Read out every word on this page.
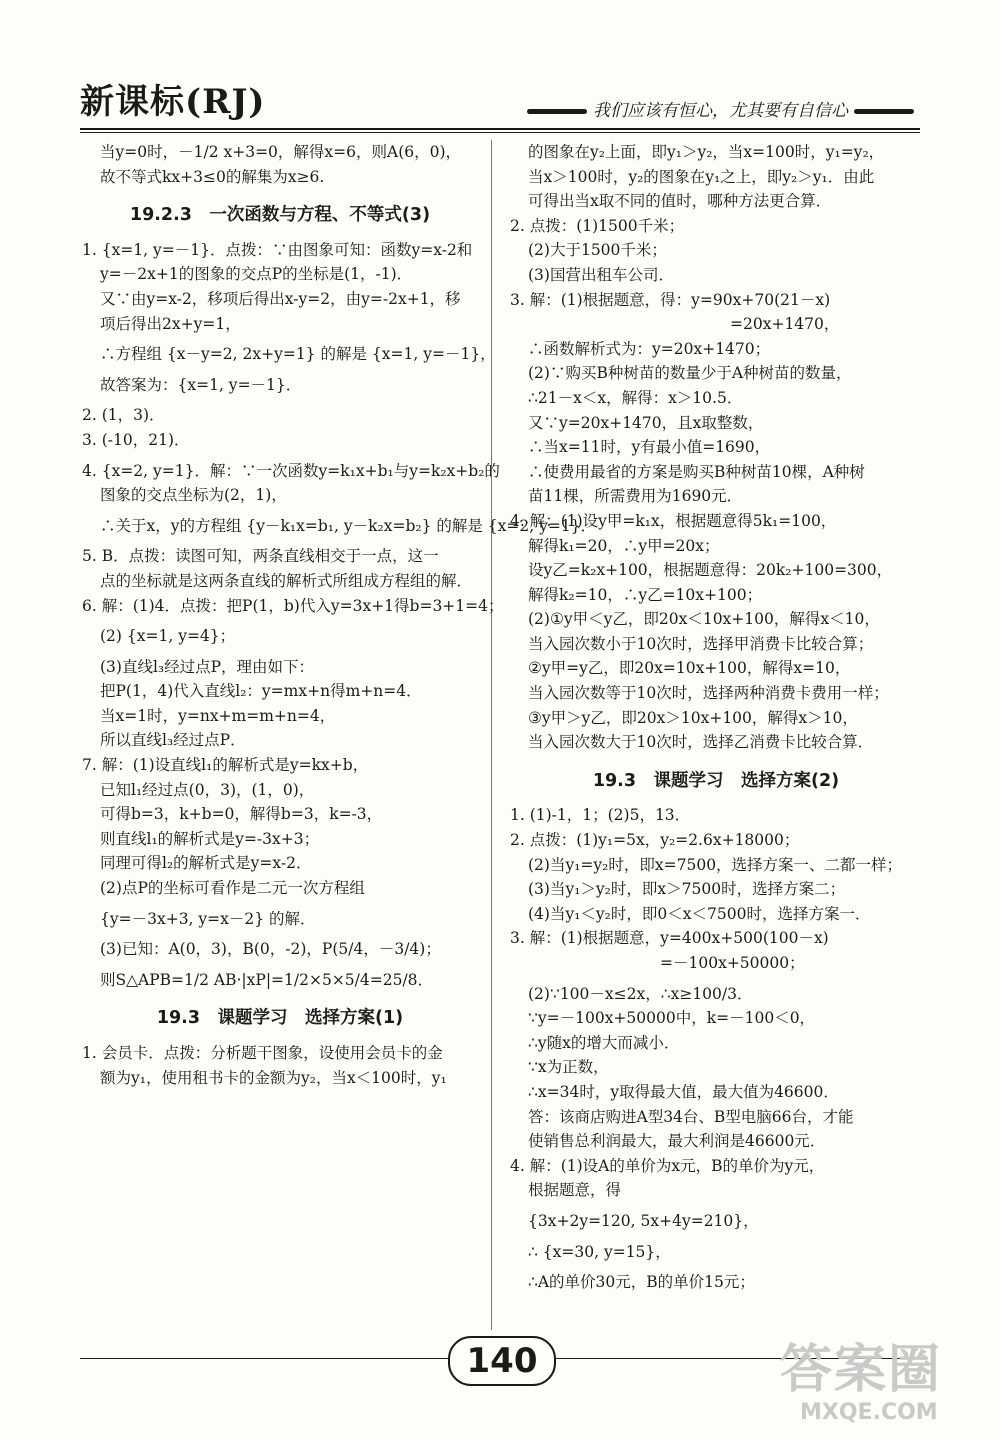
新课标(RJ)	我们应该有恒心，尤其要有自信心

当y=0时，－1/2 x+3=0，解得x=6，则A(6，0)，

故不等式kx+3≤0的解集为x≥6.

19.2.3　一次函数与方程、不等式(3)

1. {x=1, y=－1}．点拨：∵由图象可知：函数y=x-2和

y=－2x+1的图象的交点P的坐标是(1，-1)．

又∵由y=x-2，移项后得出x-y=2，由y=-2x+1，移

项后得出2x+y=1，

∴方程组 {x－y=2, 2x+y=1} 的解是 {x=1, y=－1}，

故答案为：{x=1, y=－1}．

2. (1，3)．

3. (-10，21)．

4. {x=2, y=1}．解：∵一次函数y=k₁x+b₁与y=k₂x+b₂的

图象的交点坐标为(2，1)，

∴关于x，y的方程组 {y－k₁x=b₁, y－k₂x=b₂} 的解是 {x=2, y=1}．

5. B．点拨：读图可知，两条直线相交于一点，这一

点的坐标就是这两条直线的解析式所组成方程组的解．

6. 解：(1)4．点拨：把P(1，b)代入y=3x+1得b=3+1=4；

(2) {x=1, y=4}；

(3)直线l₃经过点P，理由如下：

把P(1，4)代入直线l₂：y=mx+n得m+n=4．

当x=1时，y=nx+m=m+n=4，

所以直线l₃经过点P．

7. 解：(1)设直线l₁的解析式是y=kx+b，

已知l₁经过点(0，3)，(1，0)，

可得b=3，k+b=0，解得b=3，k=-3，

则直线l₁的解析式是y=-3x+3；

同理可得l₂的解析式是y=x-2．

(2)点P的坐标可看作是二元一次方程组

{y=－3x+3, y=x－2} 的解．

(3)已知：A(0，3)，B(0，-2)，P(5/4，－3/4)；

则S△APB=1/2 AB·|xP|=1/2×5×5/4=25/8．

19.3　课题学习　选择方案(1)

1. 会员卡．点拨：分析题干图象，设使用会员卡的金

额为y₁，使用租书卡的金额为y₂，当x＜100时，y₁

的图象在y₂上面，即y₁＞y₂，当x=100时，y₁=y₂，

当x＞100时，y₂的图象在y₁之上，即y₂＞y₁．由此

可得出当x取不同的值时，哪种方法更合算．

2. 点拨：(1)1500千米；

(2)大于1500千米；

(3)国营出租车公司．

3. 解：(1)根据题意，得：y=90x+70(21－x)

=20x+1470，

∴函数解析式为：y=20x+1470；

(2)∵购买B种树苗的数量少于A种树苗的数量，

∴21－x＜x，解得：x＞10.5．

又∵y=20x+1470，且x取整数，

∴当x=11时，y有最小值=1690，

∴使费用最省的方案是购买B种树苗10棵，A种树

苗11棵，所需费用为1690元．

4. 解：(1)设y甲=k₁x，根据题意得5k₁=100，

解得k₁=20，∴y甲=20x；

设y乙=k₂x+100，根据题意得：20k₂+100=300，

解得k₂=10，∴y乙=10x+100；

(2)①y甲＜y乙，即20x＜10x+100，解得x＜10，

当入园次数小于10次时，选择甲消费卡比较合算；

②y甲=y乙，即20x=10x+100，解得x=10，

当入园次数等于10次时，选择两种消费卡费用一样；

③y甲＞y乙，即20x＞10x+100，解得x＞10，

当入园次数大于10次时，选择乙消费卡比较合算．

19.3　课题学习　选择方案(2)

1. (1)-1，1；(2)5，13．

2. 点拨：(1)y₁=5x，y₂=2.6x+18000；

(2)当y₁=y₂时，即x=7500，选择方案一、二都一样；

(3)当y₁＞y₂时，即x＞7500时，选择方案二；

(4)当y₁＜y₂时，即0＜x＜7500时，选择方案一．

3. 解：(1)根据题意，y=400x+500(100－x)

=－100x+50000；

(2)∵100－x≤2x，∴x≥100/3．

∵y=－100x+50000中，k=－100＜0，

∴y随x的增大而减小．

∵x为正数，

∴x=34时，y取得最大值，最大值为46600．

答：该商店购进A型34台、B型电脑66台，才能

使销售总利润最大，最大利润是46600元．

4. 解：(1)设A的单价为x元，B的单价为y元，

根据题意，得

{3x+2y=120, 5x+4y=210}，

∴ {x=30, y=15}，

∴A的单价30元，B的单价15元；

140	答案圈
MXQE.COM
